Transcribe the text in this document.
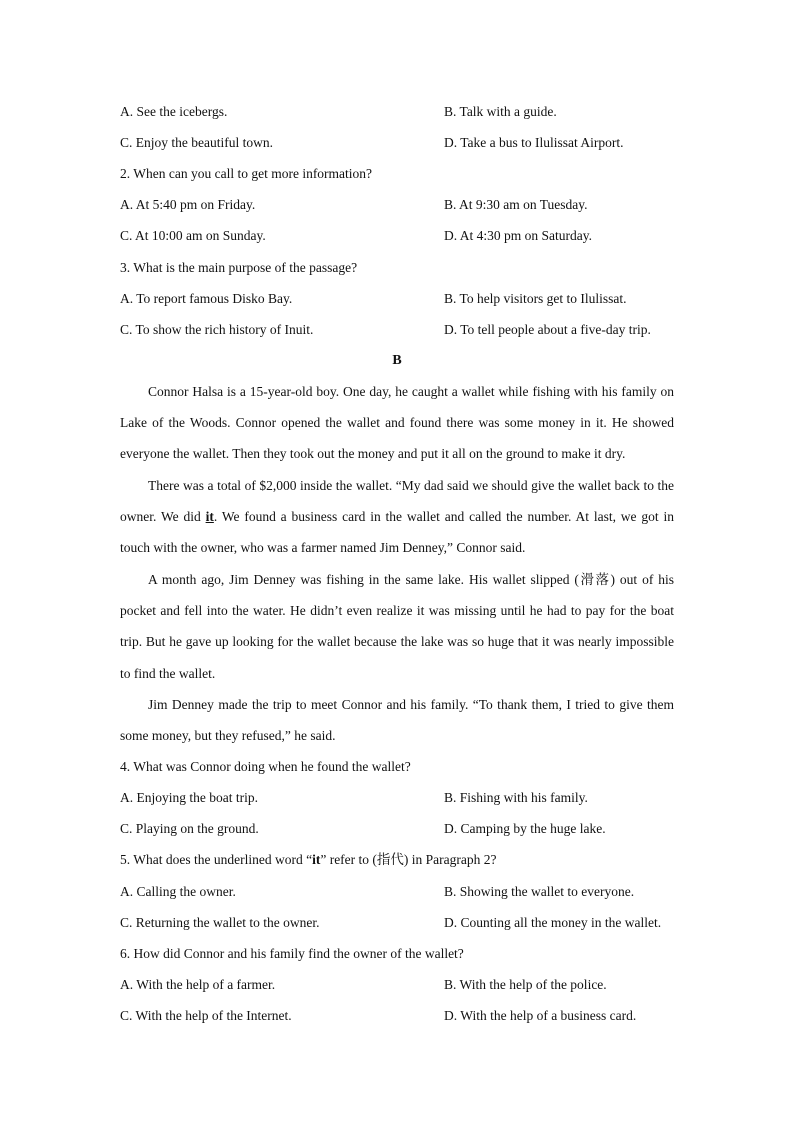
A. See the icebergs.	B. Talk with a guide.
C. Enjoy the beautiful town.	D. Take a bus to Ilulissat Airport.
2. When can you call to get more information?
A. At 5:40 pm on Friday.	B. At 9:30 am on Tuesday.
C. At 10:00 am on Sunday.	D. At 4:30 pm on Saturday.
3. What is the main purpose of the passage?
A. To report famous Disko Bay.	B. To help visitors get to Ilulissat.
C. To show the rich history of Inuit.	D. To tell people about a five-day trip.
B

Connor Halsa is a 15-year-old boy. One day, he caught a wallet while fishing with his family on Lake of the Woods. Connor opened the wallet and found there was some money in it. He showed everyone the wallet. Then they took out the money and put it all on the ground to make it dry.

There was a total of $2,000 inside the wallet. “My dad said we should give the wallet back to the owner. We did it. We found a business card in the wallet and called the number. At last, we got in touch with the owner, who was a farmer named Jim Denney,” Connor said.

A month ago, Jim Denney was fishing in the same lake. His wallet slipped (滑落) out of his pocket and fell into the water. He didn’t even realize it was missing until he had to pay for the boat trip. But he gave up looking for the wallet because the lake was so huge that it was nearly impossible to find the wallet.

Jim Denney made the trip to meet Connor and his family. “To thank them, I tried to give them some money, but they refused,” he said.

4. What was Connor doing when he found the wallet?
A. Enjoying the boat trip.	B. Fishing with his family.
C. Playing on the ground.	D. Camping by the huge lake.
5. What does the underlined word “it” refer to (指代) in Paragraph 2?
A. Calling the owner.	B. Showing the wallet to everyone.
C. Returning the wallet to the owner.	D. Counting all the money in the wallet.
6. How did Connor and his family find the owner of the wallet?
A. With the help of a farmer.	B. With the help of the police.
C. With the help of the Internet.	D. With the help of a business card.
